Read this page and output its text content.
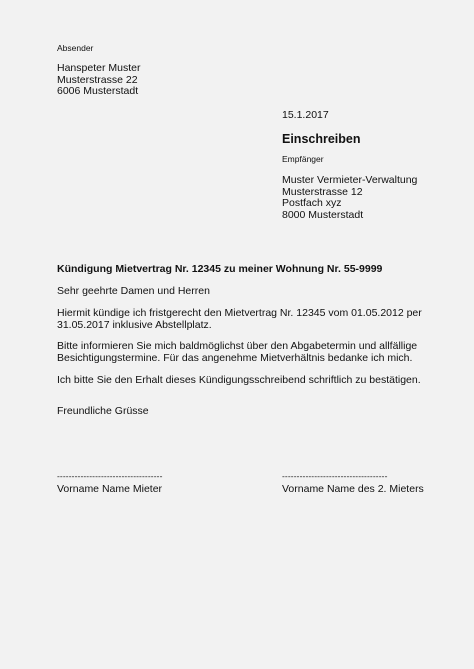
Absender
Hanspeter Muster
Musterstrasse 22
6006 Musterstadt
15.1.2017
Einschreiben
Empfänger
Muster Vermieter-Verwaltung
Musterstrasse 12
Postfach xyz
8000 Musterstadt
Kündigung Mietvertrag Nr. 12345 zu meiner Wohnung Nr. 55-9999
Sehr geehrte Damen und Herren
Hiermit kündige ich fristgerecht den Mietvertrag Nr. 12345 vom 01.05.2012 per
31.05.2017 inklusive Abstellplatz.
Bitte informieren Sie mich baldmöglichst über den Abgabetermin und allfällige
Besichtigungstermine. Für das angenehme Mietverhältnis bedanke ich mich.
Ich bitte Sie den Erhalt dieses Kündigungsschreibend schriftlich zu bestätigen.
Freundliche Grüsse
------------------------------------
Vorname Name Mieter
------------------------------------
Vorname Name des 2. Mieters
